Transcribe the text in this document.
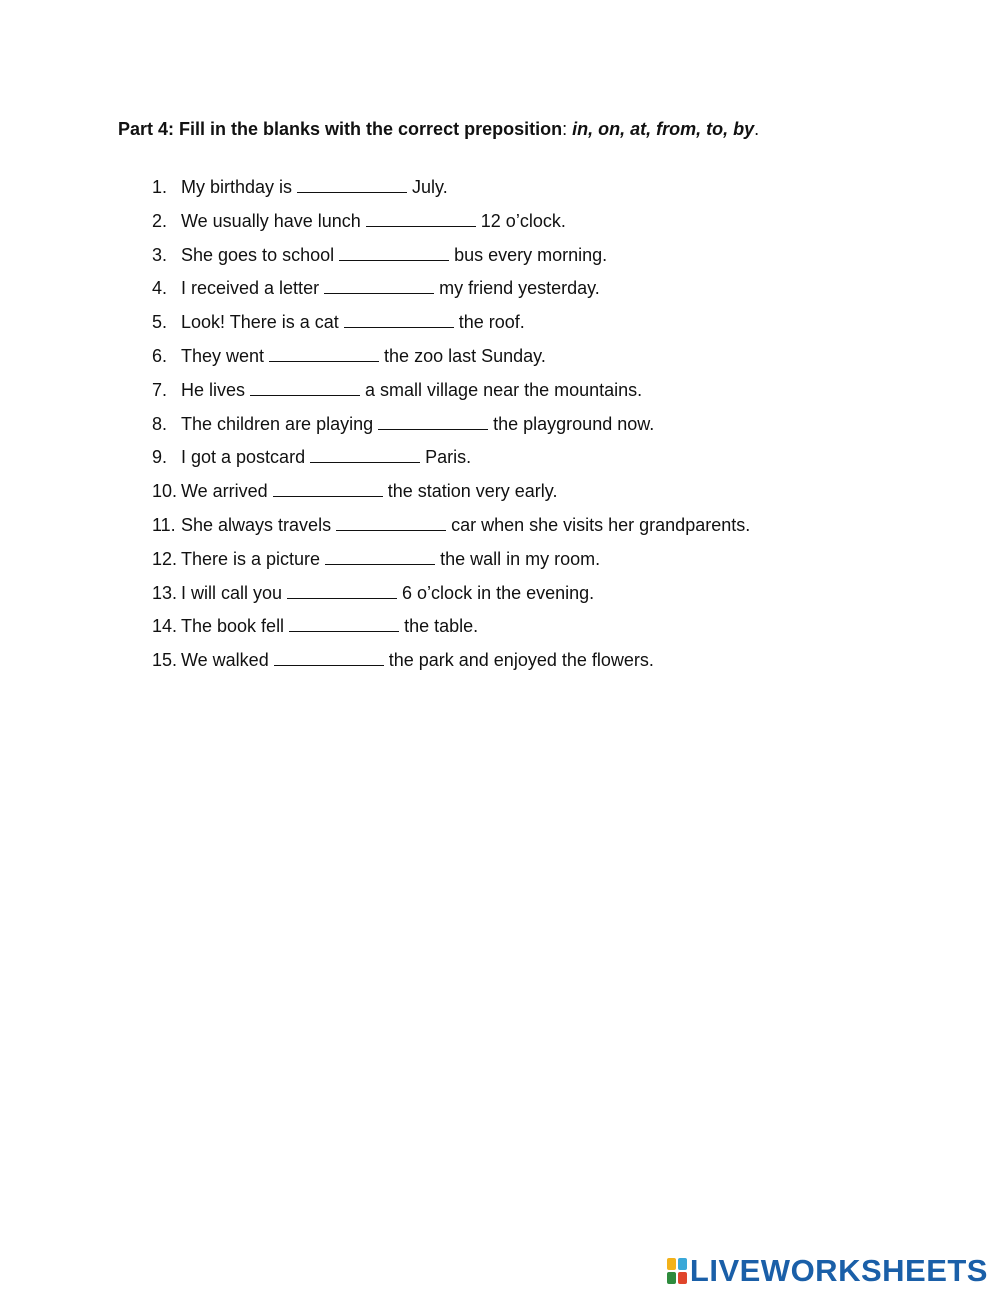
Part 4: Fill in the blanks with the correct preposition: in, on, at, from, to, by.
1. My birthday is	July.
2. We usually have lunch	12 o’clock.
3. She goes to school	bus every morning.
4. I received a letter	my friend yesterday.
5. Look! There is a cat	the roof.
6. They went	the zoo last Sunday.
7. He lives	a small village near the mountains.
8. The children are playing	the playground now.
9. I got a postcard	Paris.
10. We arrived	the station very early.
11. She always travels	car when she visits her grandparents.
12. There is a picture	the wall in my room.
13. I will call you	6 o’clock in the evening.
14. The book fell	the table.
15. We walked	the park and enjoyed the flowers.
LIVEWORKSHEETS
